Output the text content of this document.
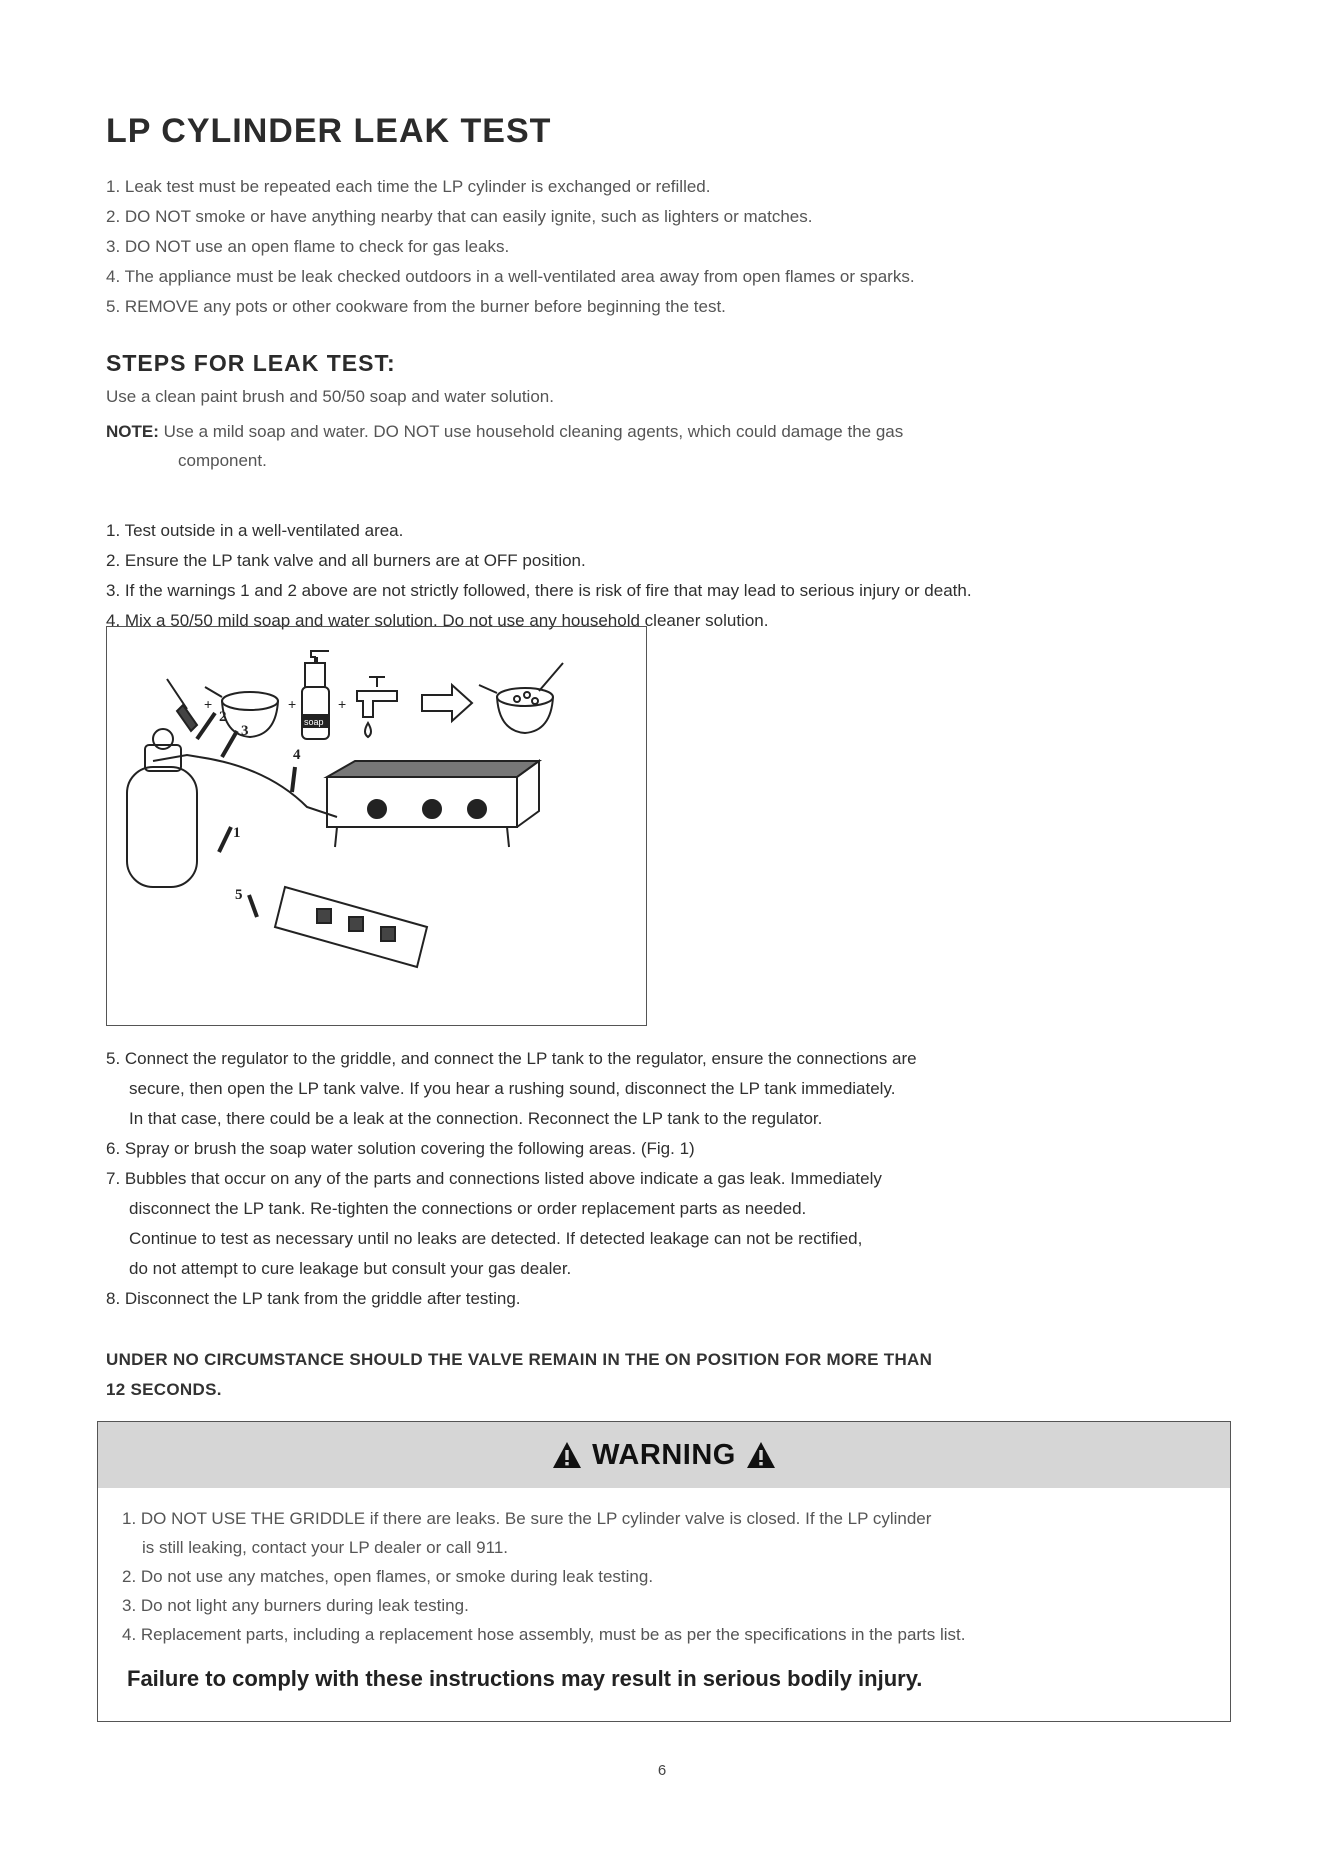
LP CYLINDER LEAK TEST
1. Leak test must be repeated each time the LP cylinder is exchanged or refilled.
2. DO NOT smoke or have anything nearby that can easily ignite, such as lighters or matches.
3. DO NOT use an open flame to check for gas leaks.
4. The appliance must be leak checked outdoors in a well-ventilated area away from open flames or sparks.
5. REMOVE any pots or other cookware from the burner before beginning the test.
STEPS FOR LEAK TEST:
Use a clean paint brush and 50/50 soap and water solution.
NOTE: Use a mild soap and water. DO NOT use household cleaning agents, which could damage the gas
component.
1. Test outside in a well-ventilated area.
2. Ensure the LP tank valve and all burners are at OFF position.
3. If the warnings 1 and 2 above are not strictly followed, there is risk of fire that may lead to serious injury or death.
4. Mix a 50/50 mild soap and water solution. Do not use any household cleaner solution.
+	+
soap
+
2
3
4
1
5
5. Connect the regulator to the griddle, and connect the LP tank to the regulator, ensure the connections are
secure, then open the LP tank valve. If you hear a rushing sound, disconnect the LP tank immediately.
In that case, there could be a leak at the connection. Reconnect the LP tank to the regulator.
6. Spray or brush the soap water solution covering the following areas. (Fig. 1)
7. Bubbles that occur on any of the parts and connections listed above indicate a gas leak. Immediately
disconnect the LP tank. Re-tighten the connections or order replacement parts as needed.
Continue to test as necessary until no leaks are detected. If detected leakage can not be rectified,
do not attempt to cure leakage but consult your gas dealer.
8. Disconnect the LP tank from the griddle after testing.
UNDER NO CIRCUMSTANCE SHOULD THE VALVE REMAIN IN THE ON POSITION FOR MORE THAN
12 SECONDS.
WARNING
1. DO NOT USE THE GRIDDLE if there are leaks. Be sure the LP cylinder valve is closed. If the LP cylinder
is still leaking, contact your LP dealer or call 911.
2. Do not use any matches, open flames, or smoke during leak testing.
3. Do not light any burners during leak testing.
4. Replacement parts, including a replacement hose assembly, must be as per the specifications in the parts list.
Failure to comply with these instructions may result in serious bodily injury.
6
